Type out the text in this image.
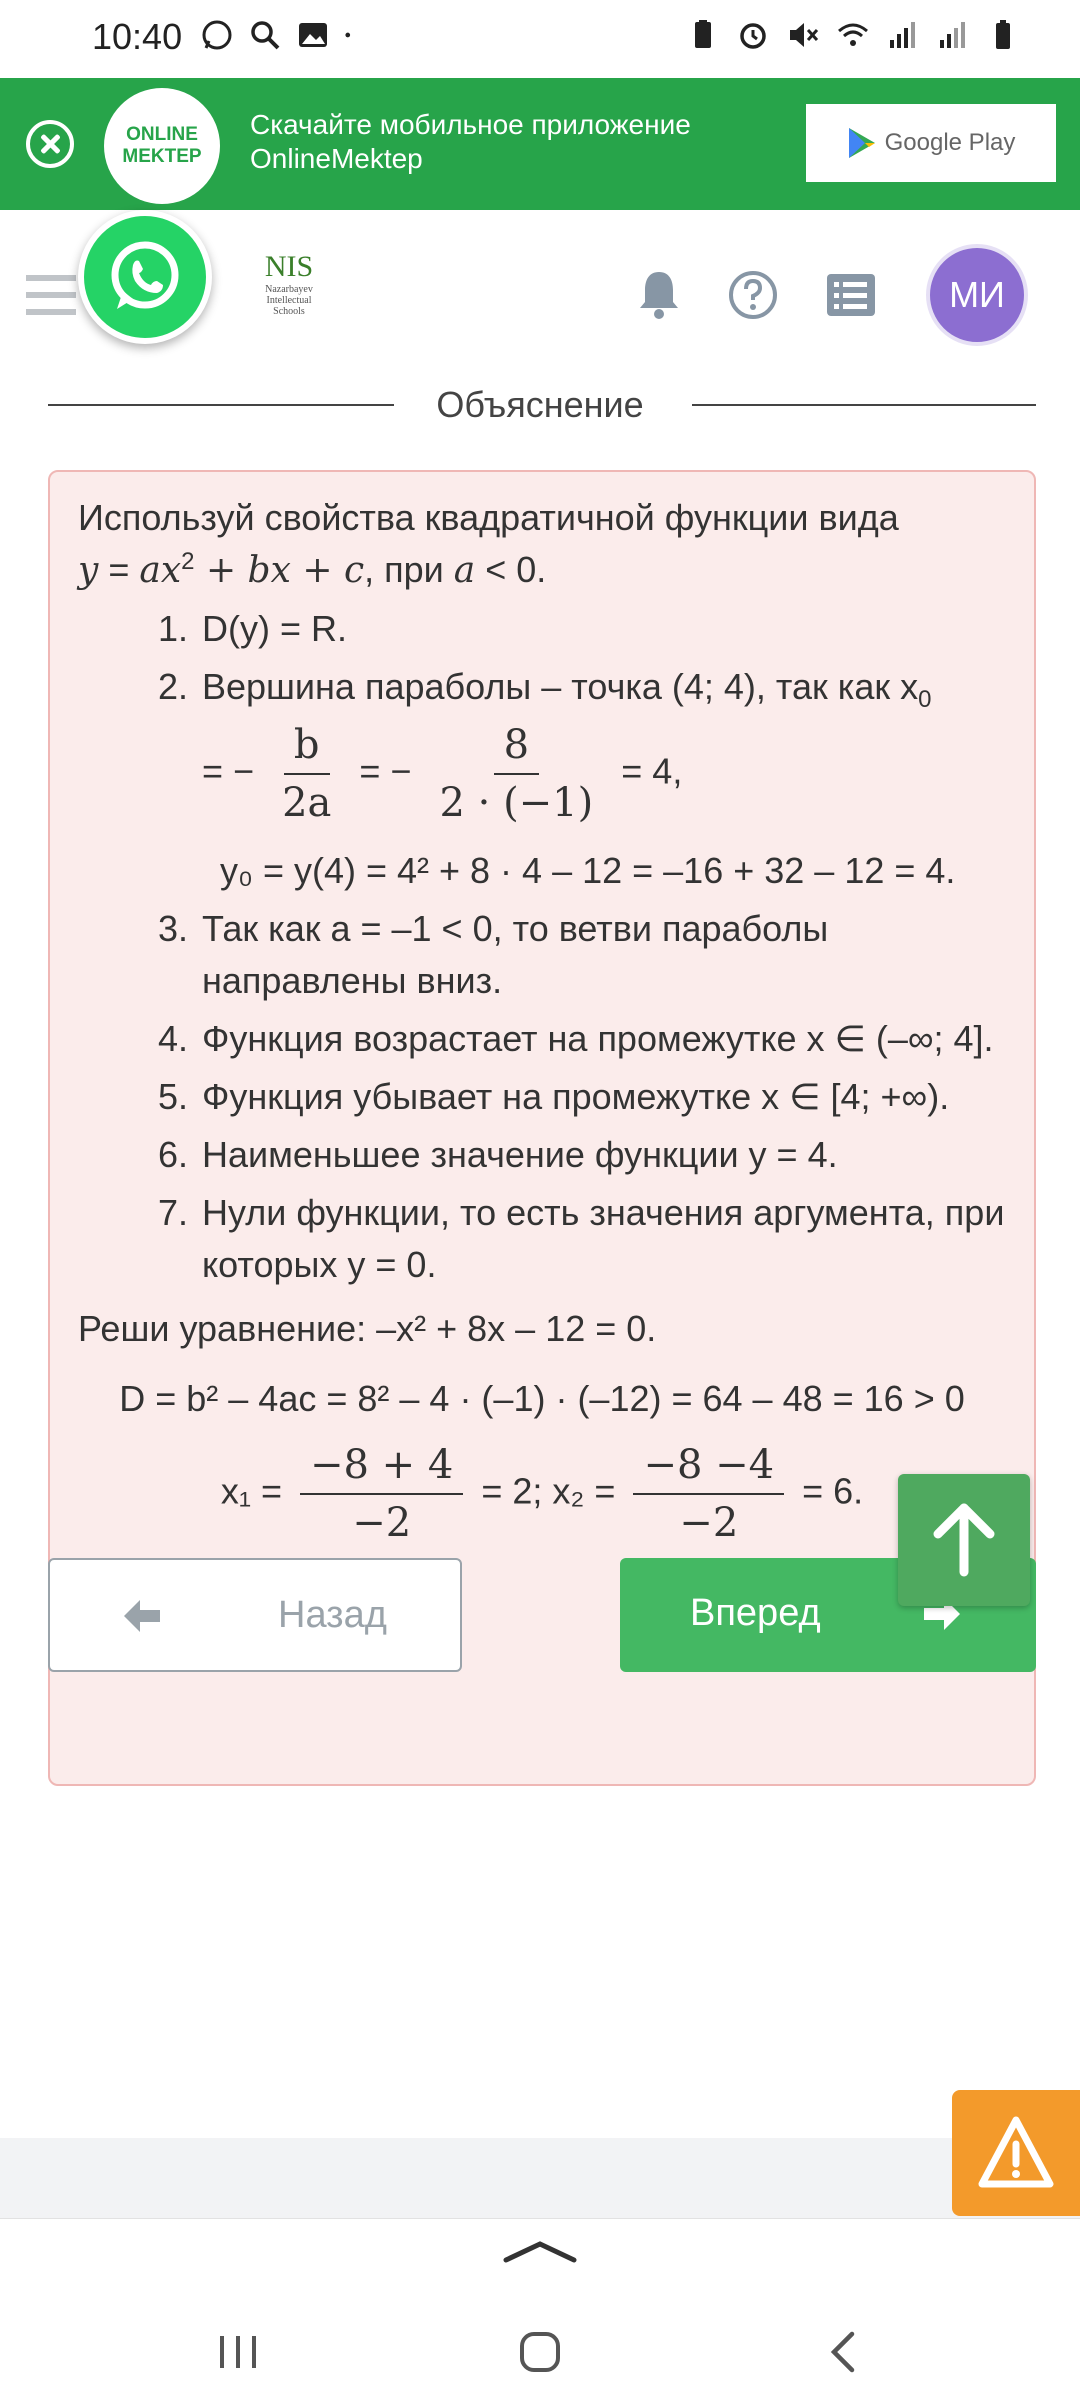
10:40
ONLINE
MEKTEP
Скачайте мобильное приложение
OnlineMektep
Google Play
NIS
Nazarbayev
Intellectual
Schools	МИ
Объяснение
Используй свойства квадратичной функции вида
$y = ax^2$ + bx + c, при a < 0.
1. D(y) = R.
2. Вершина параболы – точка (4; 4), так как $x_0$
= − $\frac{b}{2a}$ = − $\frac{8}{2 \cdot (-1)} = 4$,
y₀ = y(4) = 4² + 8 · 4 – 12 = –16 + 32 – 12 = 4.
3. Так как a = –1 < 0, то ветви параболы направлены вниз.
4. Функция возрастает на промежутке x ∈ (–∞; 4].
5. Функция убывает на промежутке x ∈ [4; +∞).
6. Наименьшее значение функции y = 4.
7. Нули функции, то есть значения аргумента, при которых y = 0.
Реши уравнение: –x² + 8x – 12 = 0.
D = b² – 4ac = 8² – 4 · (–1) · (–12) = 64 – 48 = 16 > 0
$x_1 = \frac{-8 + 4}{-2} = 2$; $x_2 = \frac{-8 -4}{-2} = 6$.
Назад	Вперед
